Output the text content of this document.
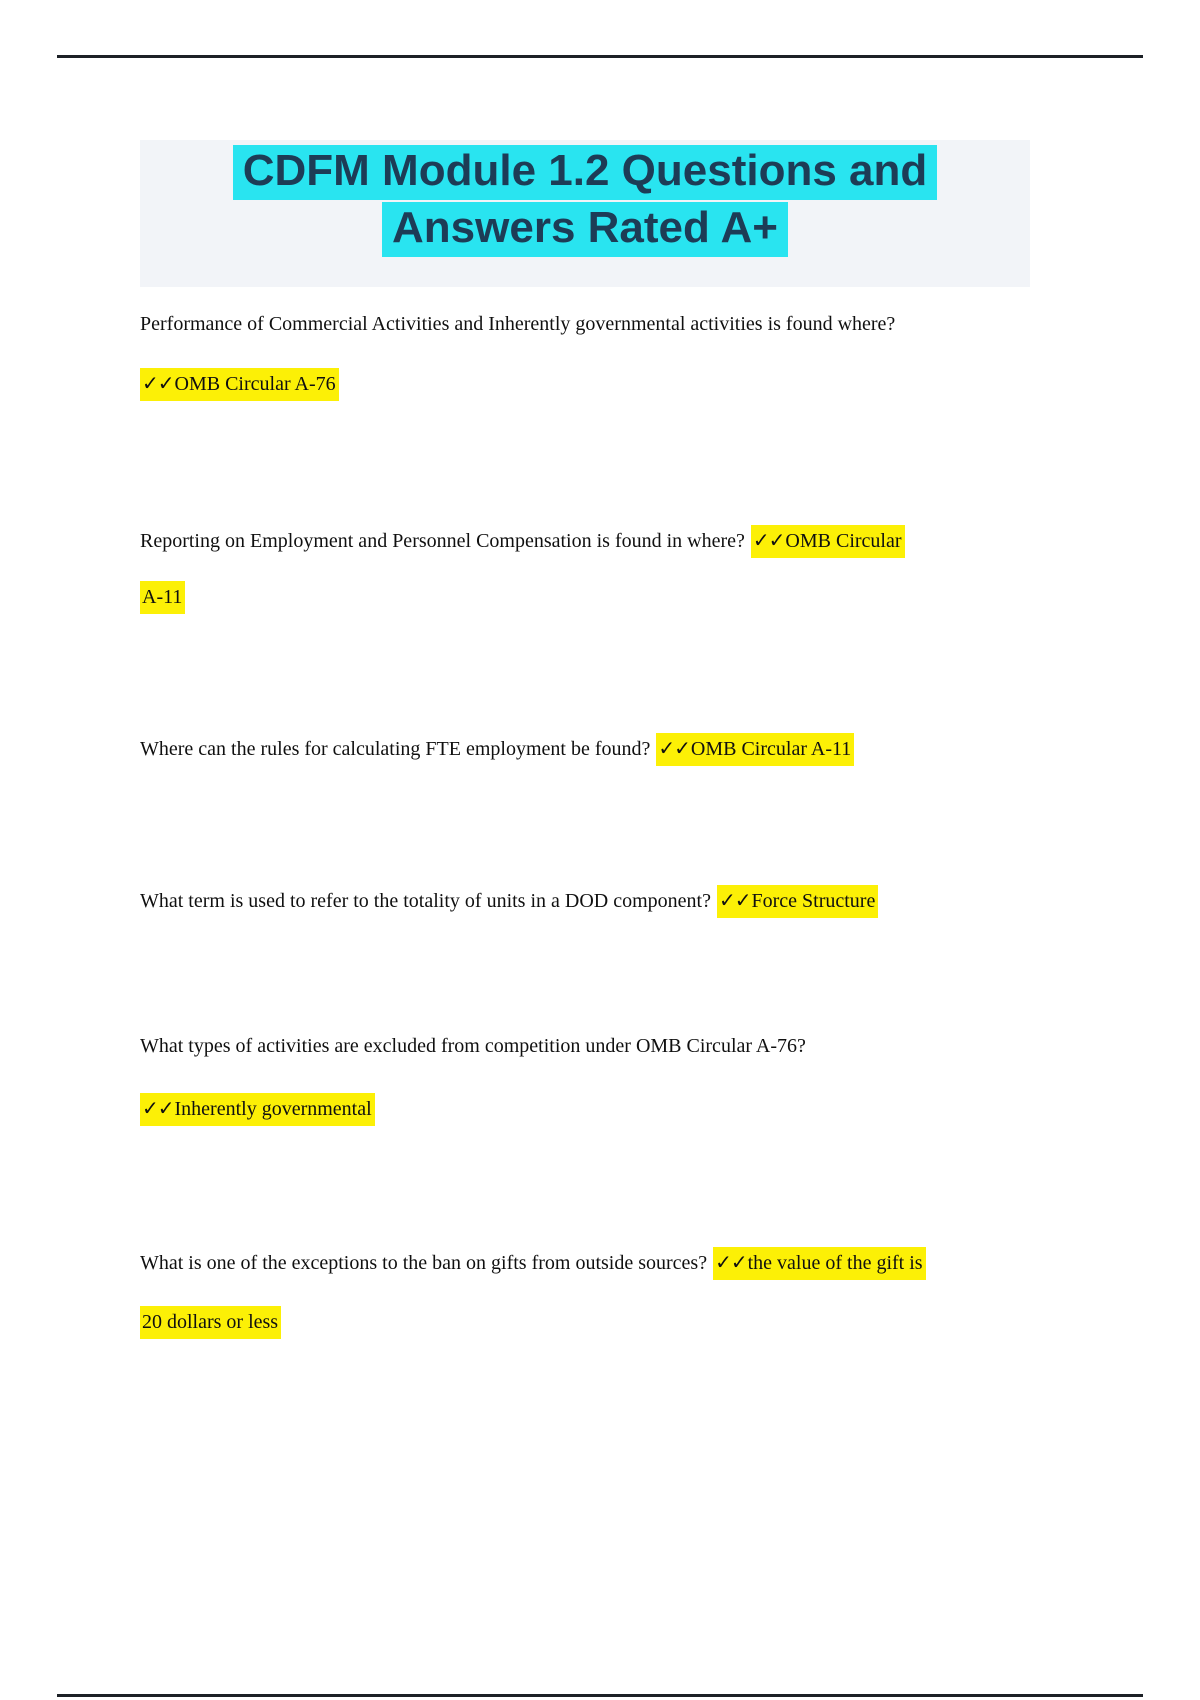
CDFM Module 1.2 Questions and
Answers Rated A+
Performance of Commercial Activities and Inherently governmental activities is found where?
✓✓OMB Circular A-76
Reporting on Employment and Personnel Compensation is found in where? ✓✓OMB Circular
A-11
Where can the rules for calculating FTE employment be found? ✓✓OMB Circular A-11
What term is used to refer to the totality of units in a DOD component? ✓✓Force Structure
What types of activities are excluded from competition under OMB Circular A-76?
✓✓Inherently governmental
What is one of the exceptions to the ban on gifts from outside sources? ✓✓the value of the gift is
20 dollars or less
